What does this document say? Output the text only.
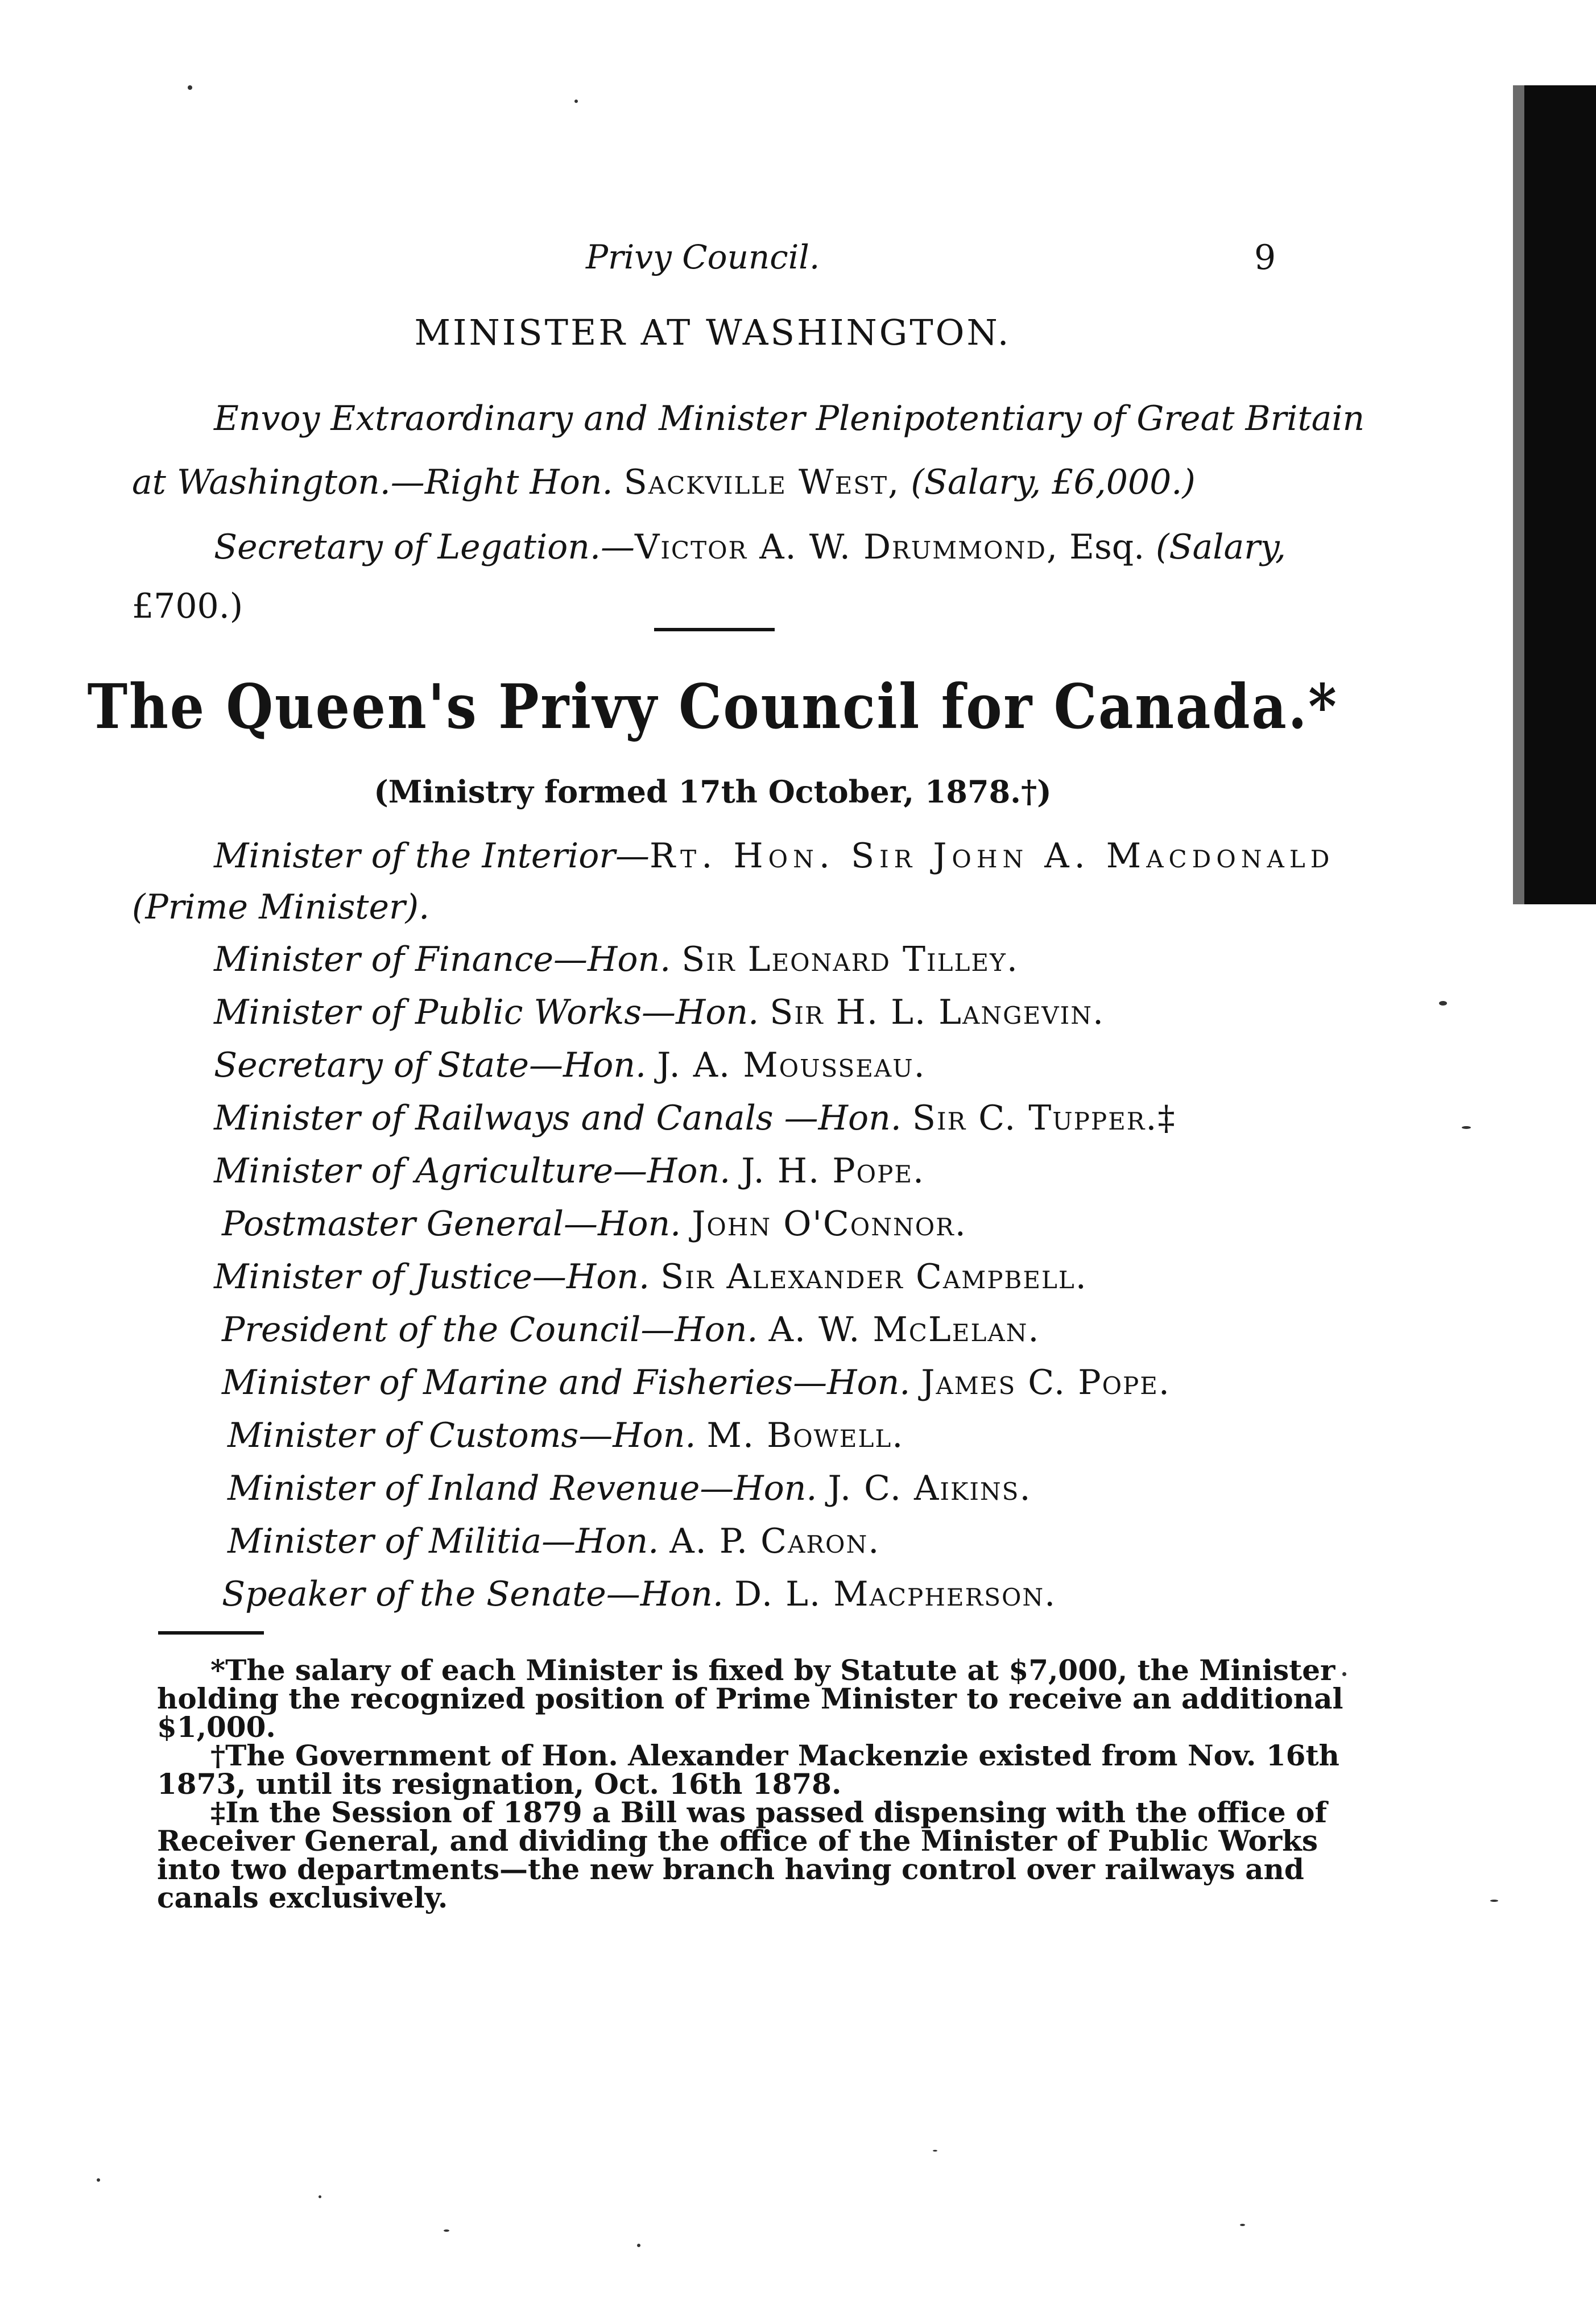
Privy Council.	9
MINISTER AT WASHINGTON.
Envoy Extraordinary and Minister Plenipotentiary of Great Britain
at Washington.—Right Hon. Sackville West, (Salary, £6,000.)
Secretary of Legation.—Victor A. W. Drummond, Esq. (Salary,
£700.)
The Queen's Privy Council for Canada.*
(Ministry formed 17th October, 1878.†)
Minister of the Interior—Rt. Hon. Sir John A. Macdonald
(Prime Minister).
Minister of Finance—Hon. Sir Leonard Tilley.
Minister of Public Works—Hon. Sir H. L. Langevin.
Secretary of State—Hon. J. A. Mousseau.
Minister of Railways and Canals —Hon. Sir C. Tupper.‡
Minister of Agriculture—Hon. J. H. Pope.
Postmaster General—Hon. John O'Connor.
Minister of Justice—Hon. Sir Alexander Campbell.
President of the Council—Hon. A. W. McLelan.
Minister of Marine and Fisheries—Hon. James C. Pope.
Minister of Customs—Hon. M. Bowell.
Minister of Inland Revenue—Hon. J. C. Aikins.
Minister of Militia—Hon. A. P. Caron.
Speaker of the Senate—Hon. D. L. Macpherson.
*The salary of each Minister is fixed by Statute at $7,000, the Minister
holding the recognized position of Prime Minister to receive an additional
$1,000.
†The Government of Hon. Alexander Mackenzie existed from Nov. 16th
1873, until its resignation, Oct. 16th 1878.
‡In the Session of 1879 a Bill was passed dispensing with the office of
Receiver General, and dividing the office of the Minister of Public Works
into two departments—the new branch having control over railways and
canals exclusively.
